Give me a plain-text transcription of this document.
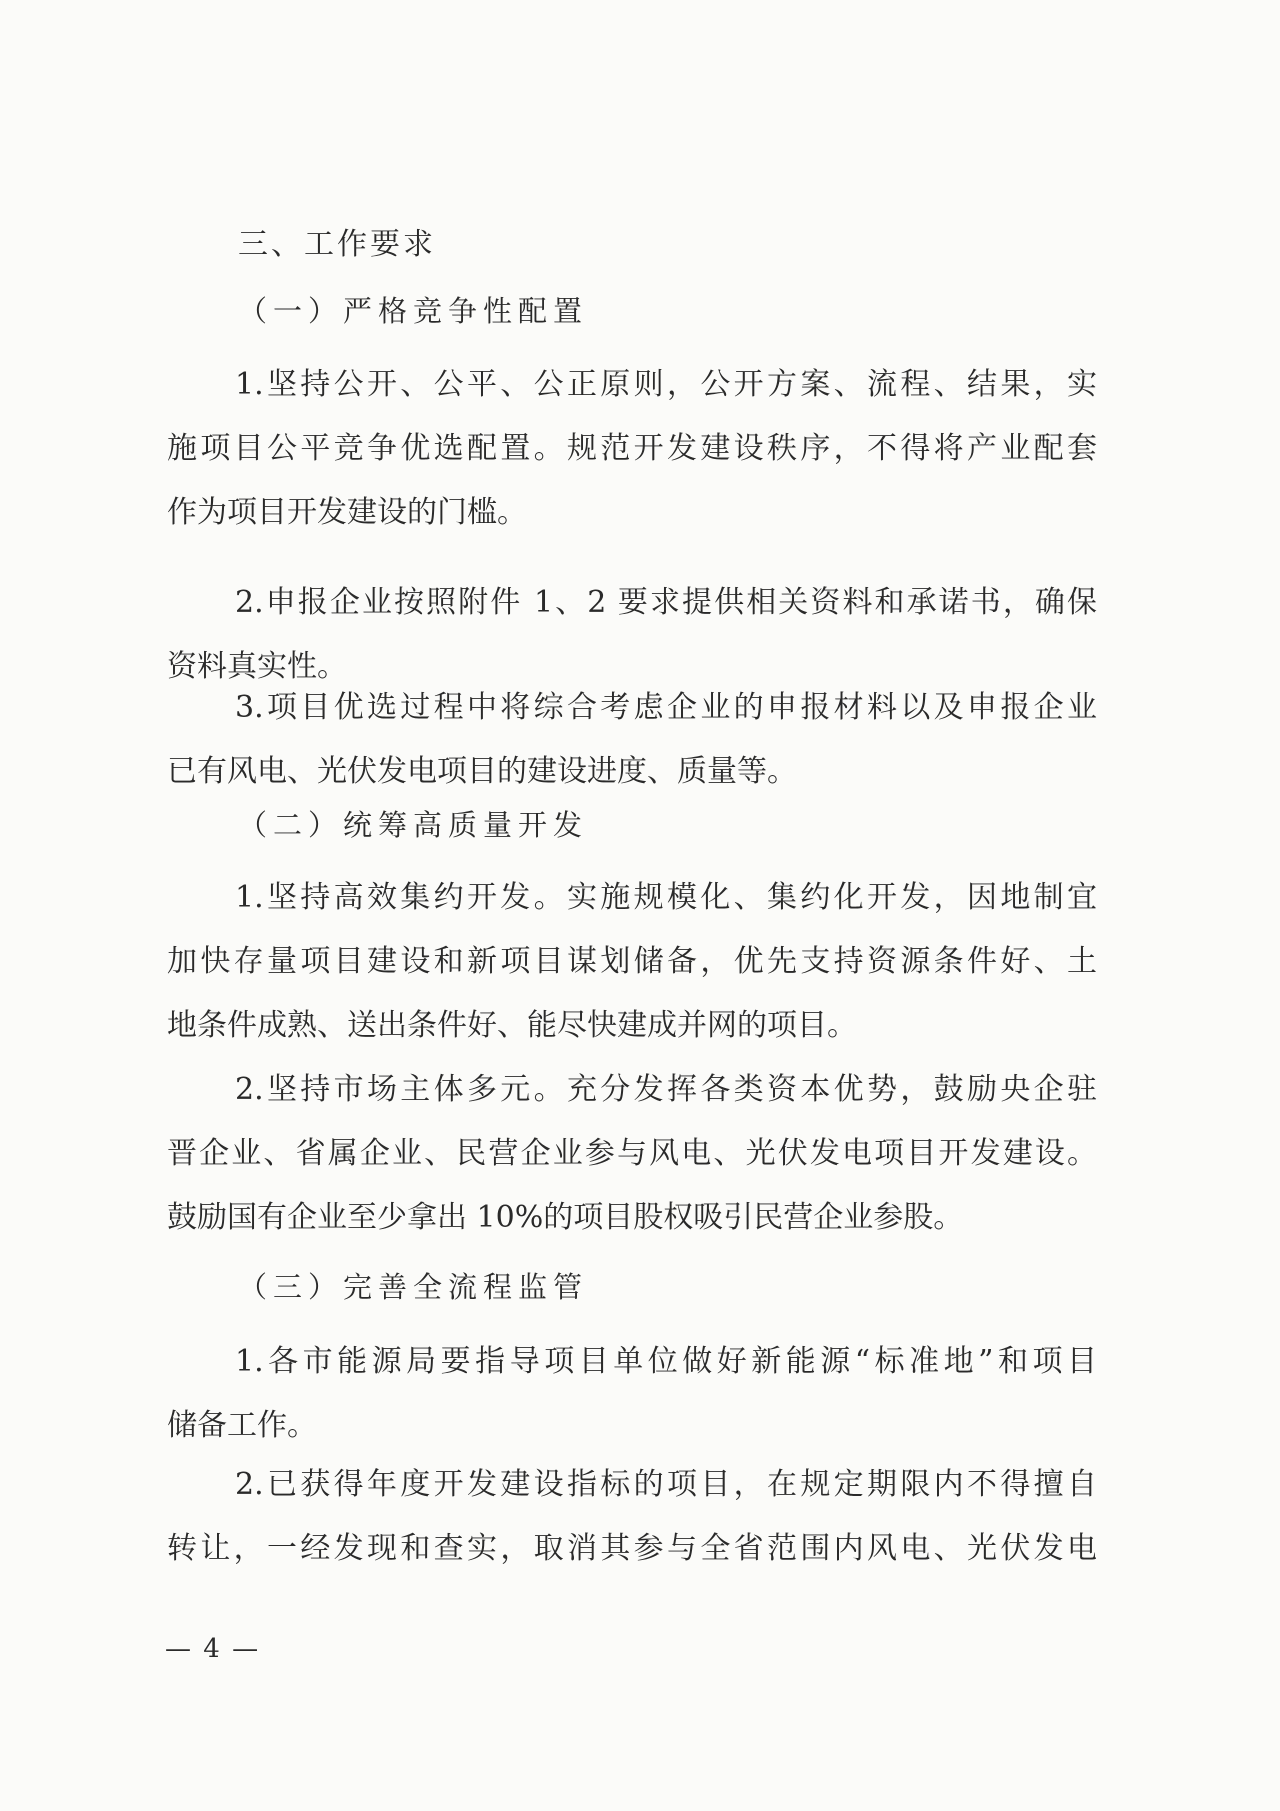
三、工作要求
（一）严格竞争性配置
1.坚持公开、公平、公正原则，公开方案、流程、结果，实
施项目公平竞争优选配置。规范开发建设秩序，不得将产业配套
作为项目开发建设的门槛。
2.申报企业按照附件 1、2 要求提供相关资料和承诺书，确保
资料真实性。
3.项目优选过程中将综合考虑企业的申报材料以及申报企业
已有风电、光伏发电项目的建设进度、质量等。
（二）统筹高质量开发
1.坚持高效集约开发。实施规模化、集约化开发，因地制宜
加快存量项目建设和新项目谋划储备，优先支持资源条件好、土
地条件成熟、送出条件好、能尽快建成并网的项目。
2.坚持市场主体多元。充分发挥各类资本优势，鼓励央企驻
晋企业、省属企业、民营企业参与风电、光伏发电项目开发建设。
鼓励国有企业至少拿出 10%的项目股权吸引民营企业参股。
（三）完善全流程监管
1.各市能源局要指导项目单位做好新能源“标准地”和项目
储备工作。
2.已获得年度开发建设指标的项目，在规定期限内不得擅自
转让，一经发现和查实，取消其参与全省范围内风电、光伏发电
— 4 —
